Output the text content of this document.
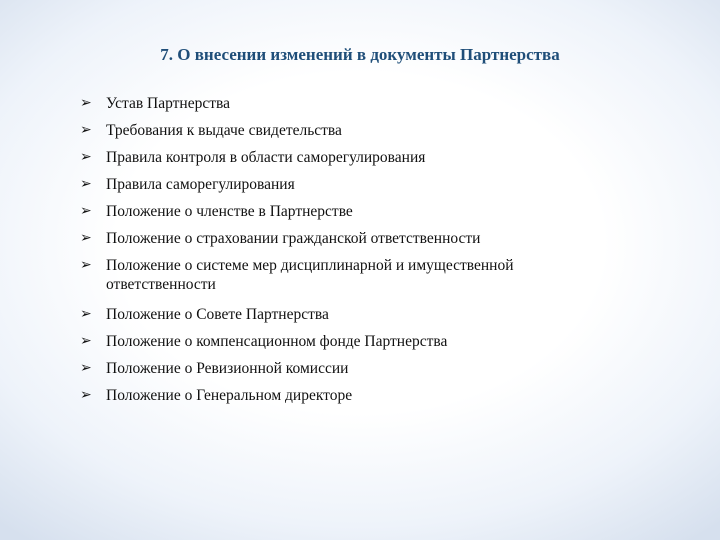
7. О внесении изменений в документы Партнерства
➢ Устав Партнерства
➢ Требования к выдаче свидетельства
➢ Правила контроля в области саморегулирования
➢ Правила саморегулирования
➢ Положение о членстве в Партнерстве
➢ Положение о страховании гражданской ответственности
➢ Положение о системе мер дисциплинарной и имущественной ответственности
➢ Положение о Совете Партнерства
➢ Положение о компенсационном фонде Партнерства
➢ Положение о Ревизионной комиссии
➢ Положение о Генеральном директоре
